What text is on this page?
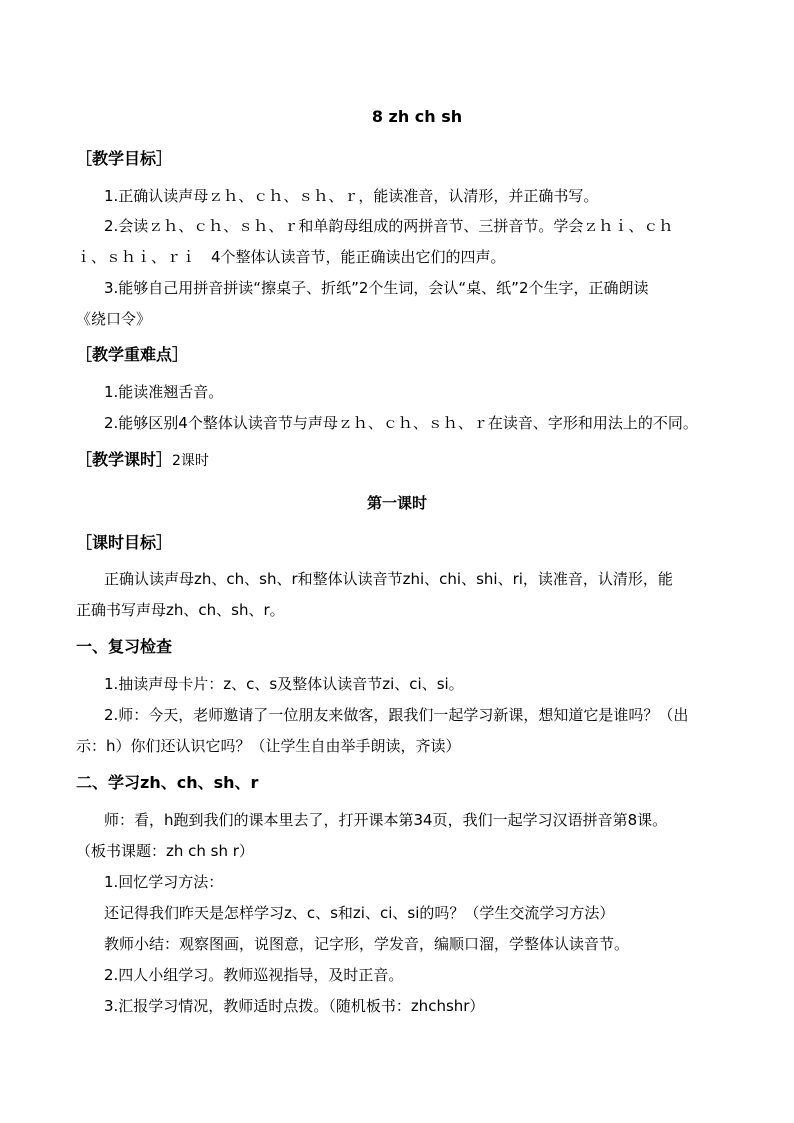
8 zh ch sh
［教学目标］
1.正确认读声母ｚｈ、ｃｈ、ｓｈ、ｒ，能读准音，认清形，并正确书写。
2.会读ｚｈ、ｃｈ、ｓｈ、ｒ和单韵母组成的两拼音节、三拼音节。学会ｚｈｉ、ｃｈ
ｉ、ｓｈｉ、ｒｉ　4个整体认读音节，能正确读出它们的四声。
3.能够自己用拼音拼读“擦桌子、折纸”2个生词，会认“桌、纸”2个生字，正确朗读
《绕口令》
［教学重难点］
1.能读准翘舌音。
2.能够区别4个整体认读音节与声母ｚｈ、ｃｈ、ｓｈ、ｒ在读音、字形和用法上的不同。
［教学课时］2课时
第一课时
［课时目标］
正确认读声母zh、ch、sh、r和整体认读音节zhi、chi、shi、ri，读准音，认清形，能
正确书写声母zh、ch、sh、r。
一、复习检查
1.抽读声母卡片：z、c、s及整体认读音节zi、ci、si。
2.师：今天，老师邀请了一位朋友来做客，跟我们一起学习新课，想知道它是谁吗？（出
示：h）你们还认识它吗？（让学生自由举手朗读，齐读）
二、学习zh、ch、sh、r
师：看，h跑到我们的课本里去了，打开课本第34页，我们一起学习汉语拼音第8课。
（板书课题：zh ch sh r）
1.回忆学习方法：
还记得我们昨天是怎样学习z、c、s和zi、ci、si的吗？（学生交流学习方法）
教师小结：观察图画，说图意，记字形，学发音，编顺口溜，学整体认读音节。
2.四人小组学习。教师巡视指导，及时正音。
3.汇报学习情况，教师适时点拨。（随机板书：zhchshr）
